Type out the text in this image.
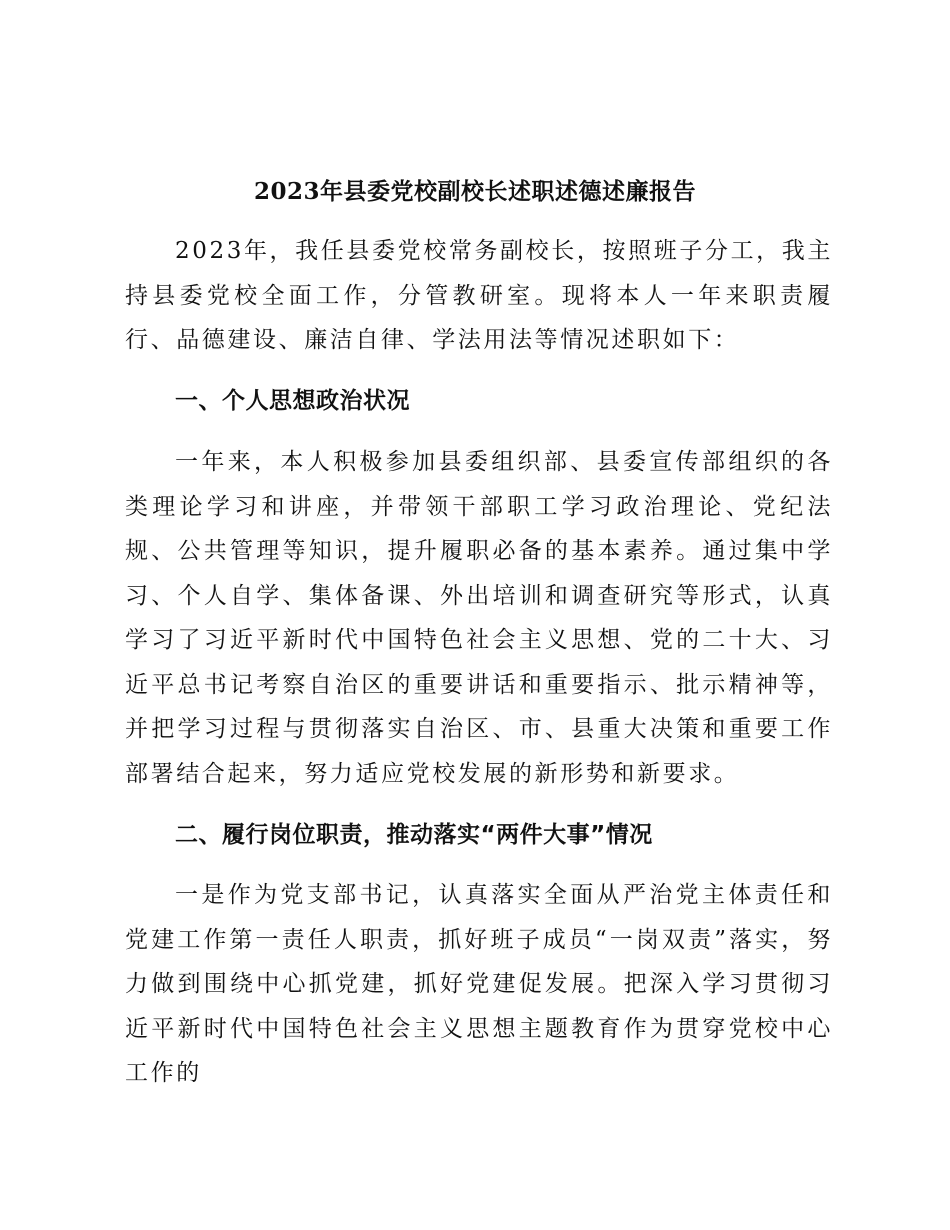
2023年县委党校副校长述职述德述廉报告

2023年，我任县委党校常务副校长，按照班子分工，我主持县委党校全面工作，分管教研室。现将本人一年来职责履行、品德建设、廉洁自律、学法用法等情况述职如下：

一、个人思想政治状况

一年来，本人积极参加县委组织部、县委宣传部组织的各类理论学习和讲座，并带领干部职工学习政治理论、党纪法规、公共管理等知识，提升履职必备的基本素养。通过集中学习、个人自学、集体备课、外出培训和调查研究等形式，认真学习了习近平新时代中国特色社会主义思想、党的二十大、习近平总书记考察自治区的重要讲话和重要指示、批示精神等，并把学习过程与贯彻落实自治区、市、县重大决策和重要工作部署结合起来，努力适应党校发展的新形势和新要求。

二、履行岗位职责，推动落实“两件大事”情况

一是作为党支部书记，认真落实全面从严治党主体责任和党建工作第一责任人职责，抓好班子成员“一岗双责”落实，努力做到围绕中心抓党建，抓好党建促发展。把深入学习贯彻习近平新时代中国特色社会主义思想主题教育作为贯穿党校中心工作的
